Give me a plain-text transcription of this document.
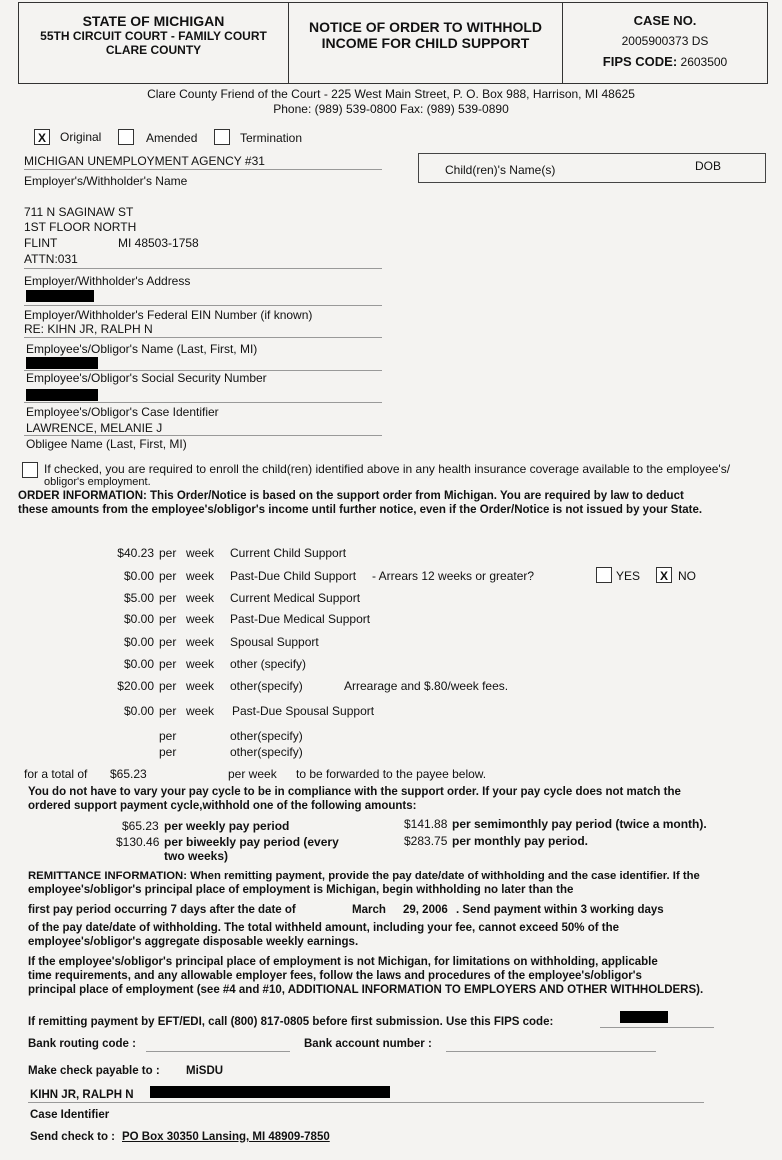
STATE OF MICHIGAN
55TH CIRCUIT COURT - FAMILY COURT
CLARE COUNTY
NOTICE OF ORDER TO WITHHOLD
INCOME FOR CHILD SUPPORT
CASE NO.
2005900373 DS
FIPS CODE: 2603500
Clare County Friend of the Court - 225 West Main Street, P. O. Box 988, Harrison, MI 48625
Phone: (989) 539-0800 Fax: (989) 539-0890
X	Original	Amended	Termination
MICHIGAN UNEMPLOYMENT AGENCY #31
Employer's/Withholder's Name
Child(ren)'s Name(s)	DOB
711 N SAGINAW ST
1ST FLOOR NORTH
FLINT	MI 48503-1758
ATTN:031
Employer/Withholder's Address
Employer/Withholder's Federal EIN Number (if known)
RE: KIHN JR, RALPH N
Employee's/Obligor's Name (Last, First, MI)
Employee's/Obligor's Social Security Number
Employee's/Obligor's Case Identifier
LAWRENCE, MELANIE J
Obligee Name (Last, First, MI)
If checked, you are required to enroll the child(ren) identified above in any health insurance coverage available to the employee's/
obligor's employment.
ORDER INFORMATION: This Order/Notice is based on the support order from Michigan. You are required by law to deduct
these amounts from the employee's/obligor's income until further notice, even if the Order/Notice is not issued by your State.
$40.23 per week Current Child Support
$0.00 per week Past-Due Child Support - Arrears 12 weeks or greater?
$5.00 per week Current Medical Support
$0.00 per week Past-Due Medical Support
$0.00 per week Spousal Support
$0.00 per week other (specify)
$20.00 per week other(specify)	Arrearage and $.80/week fees.
$0.00 per week Past-Due Spousal Support
per	other(specify)
per	other(specify)
YES	X NO
for a total of $65.23	per week to be forwarded to the payee below.
You do not have to vary your pay cycle to be in compliance with the support order. If your pay cycle does not match the
ordered support payment cycle,withhold one of the following amounts:
$65.23 per weekly pay period
$130.46 per biweekly pay period (every
two weeks)
$141.88 per semimonthly pay period (twice a month).
$283.75 per monthly pay period.
REMITTANCE INFORMATION: When remitting payment, provide the pay date/date of withholding and the case identifier. If the
employee's/obligor's principal place of employment is Michigan, begin withholding no later than the
first pay period occurring 7 days after the date of	March 29, 2006 . Send payment within 3 working days
of the pay date/date of withholding. The total withheld amount, including your fee, cannot exceed 50% of the
employee's/obligor's aggregate disposable weekly earnings.
If the employee's/obligor's principal place of employment is not Michigan, for limitations on withholding, applicable
time requirements, and any allowable employer fees, follow the laws and procedures of the employee's/obligor's
principal place of employment (see #4 and #10, ADDITIONAL INFORMATION TO EMPLOYERS AND OTHER WITHHOLDERS).
If remitting payment by EFT/EDI, call (800) 817-0805 before first submission. Use this FIPS code:
Bank routing code :	Bank account number :
Make check payable to : MiSDU
KIHN JR, RALPH N
Case Identifier
Send check to : PO Box 30350 Lansing, MI 48909-7850
